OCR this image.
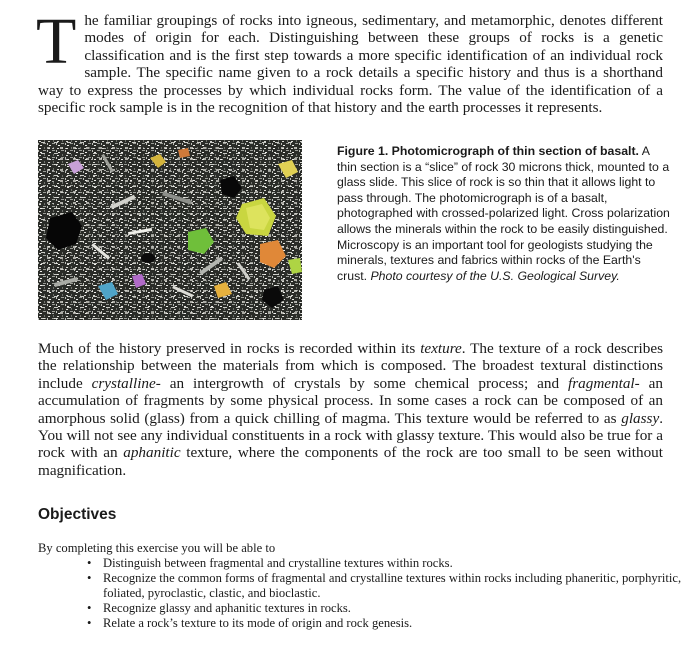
The familiar groupings of rocks into igneous, sedimentary, and metamorphic, denotes different modes of origin for each. Distinguishing between these groups of rocks is a genetic classification and is the first step towards a more specific identification of an individual rock sample. The specific name given to a rock details a specific history and thus is a shorthand way to express the processes by which individual rocks form. The value of the identification of a specific rock sample is in the recognition of that history and the earth processes it represents.
Figure 1. Photomicrograph of thin section of basalt. A thin section is a “slice” of rock 30 microns thick, mounted to a glass slide. This slice of rock is so thin that it allows light to pass through. The photomicrograph is of a basalt, photographed with crossed-polarized light. Cross polarization allows the minerals within the rock to be easily distinguished. Microscopy is an important tool for geologists studying the minerals, textures and fabrics within rocks of the Earth's crust. Photo courtesy of the U.S. Geological Survey.
Much of the history preserved in rocks is recorded within its texture. The texture of a rock describes the relationship between the materials from which is composed. The broadest textural distinctions include crystalline- an intergrowth of crystals by some chemical process; and fragmental- an accumulation of fragments by some physical process. In some cases a rock can be composed of an amorphous solid (glass) from a quick chilling of magma. This texture would be referred to as glassy. You will not see any individual constituents in a rock with glassy texture. This would also be true for a rock with an aphanitic texture, where the components of the rock are too small to be seen without magnification.
Objectives
By completing this exercise you will be able to
• Distinguish between fragmental and crystalline textures within rocks.
• Recognize the common forms of fragmental and crystalline textures within rocks including phaneritic, porphyritic, foliated, pyroclastic, clastic, and bioclastic.
• Recognize glassy and aphanitic textures in rocks.
• Relate a rock’s texture to its mode of origin and rock genesis.
